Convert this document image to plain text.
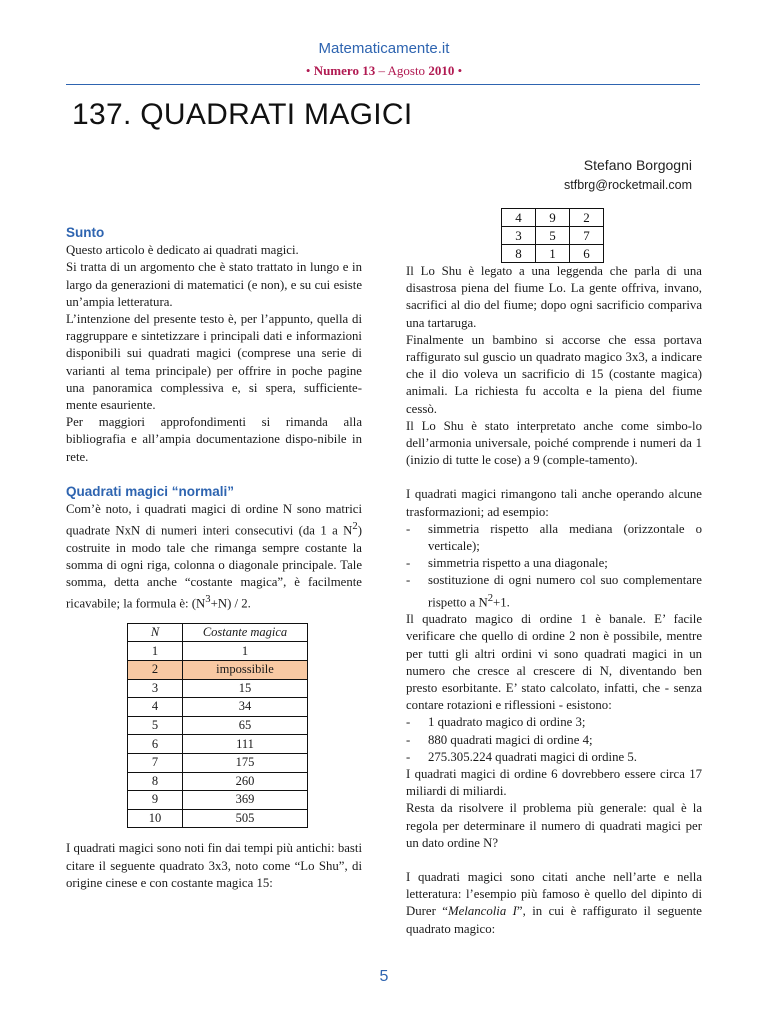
Matematicamente.it
• Numero 13 – Agosto 2010 •
137. QUADRATI MAGICI
Stefano Borgogni
stfbrg@rocketmail.com
4	9	2
3	5	7
8	1	6
Sunto

Questo articolo è dedicato ai quadrati magici.

Si tratta di un argomento che è stato trattato in lungo e in largo da generazioni di matematici (e non), e su cui esiste un’ampia letteratura.

L’intenzione del presente testo è, per l’appunto, quella di raggruppare e sintetizzare i principali dati e informazioni disponibili sui quadrati magici (comprese una serie di varianti al tema principale) per offrire in poche pagine una panoramica complessiva e, si spera, sufficiente-mente esauriente.

Per maggiori approfondimenti si rimanda alla bibliografia e all’ampia documentazione dispo-nibile in rete.

Quadrati magici “normali”

Com’è noto, i quadrati magici di ordine N sono matrici quadrate NxN di numeri interi consecutivi (da 1 a $N^2$) costruite in modo tale che rimanga sempre costante la somma di ogni riga, colonna o diagonale principale. Tale somma, detta anche “costante magica”, è facilmente ricavabile; la formula è: $(N^3+N) / 2$.

N	Costante magica
1	1
2	impossibile
3	15
4	34
5	65
6	111
7	175
8	260
9	369
10	505

I quadrati magici sono noti fin dai tempi più antichi: basti citare il seguente quadrato 3x3, noto come “Lo Shu”, di origine cinese e con costante magica 15:

Il Lo Shu è legato a una leggenda che parla di una disastrosa piena del fiume Lo. La gente offriva, invano, sacrifici al dio del fiume; dopo ogni sacrificio compariva una tartaruga.

Finalmente un bambino si accorse che essa portava raffigurato sul guscio un quadrato magico 3x3, a indicare che il dio voleva un sacrificio di 15 (costante magica) animali. La richiesta fu accolta e la piena del fiume cessò.

Il Lo Shu è stato interpretato anche come simbo-lo dell’armonia universale, poiché comprende i numeri da 1 (inizio di tutte le cose) a 9 (comple-tamento).

I quadrati magici rimangono tali anche operando alcune trasformazioni; ad esempio:

- simmetria rispetto alla mediana (orizzontale o verticale);

- simmetria rispetto a una diagonale;

- sostituzione di ogni numero col suo complementare rispetto a $N^2+1$.

Il quadrato magico di ordine 1 è banale. E’ facile verificare che quello di ordine 2 non è possibile, mentre per tutti gli altri ordini vi sono quadrati magici in un numero che cresce al crescere di N, diventando ben presto esorbitante. E’ stato calcolato, infatti, che - senza contare rotazioni e riflessioni - esistono:

- 1 quadrato magico di ordine 3;

- 880 quadrati magici di ordine 4;

- 275.305.224 quadrati magici di ordine 5.

I quadrati magici di ordine 6 dovrebbero essere circa 17 miliardi di miliardi.

Resta da risolvere il problema più generale: qual è la regola per determinare il numero di quadrati magici per un dato ordine N?

I quadrati magici sono citati anche nell’arte e nella letteratura: l’esempio più famoso è quello del dipinto di Durer “Melancolia I”, in cui è raffigurato il seguente quadrato magico:

5
